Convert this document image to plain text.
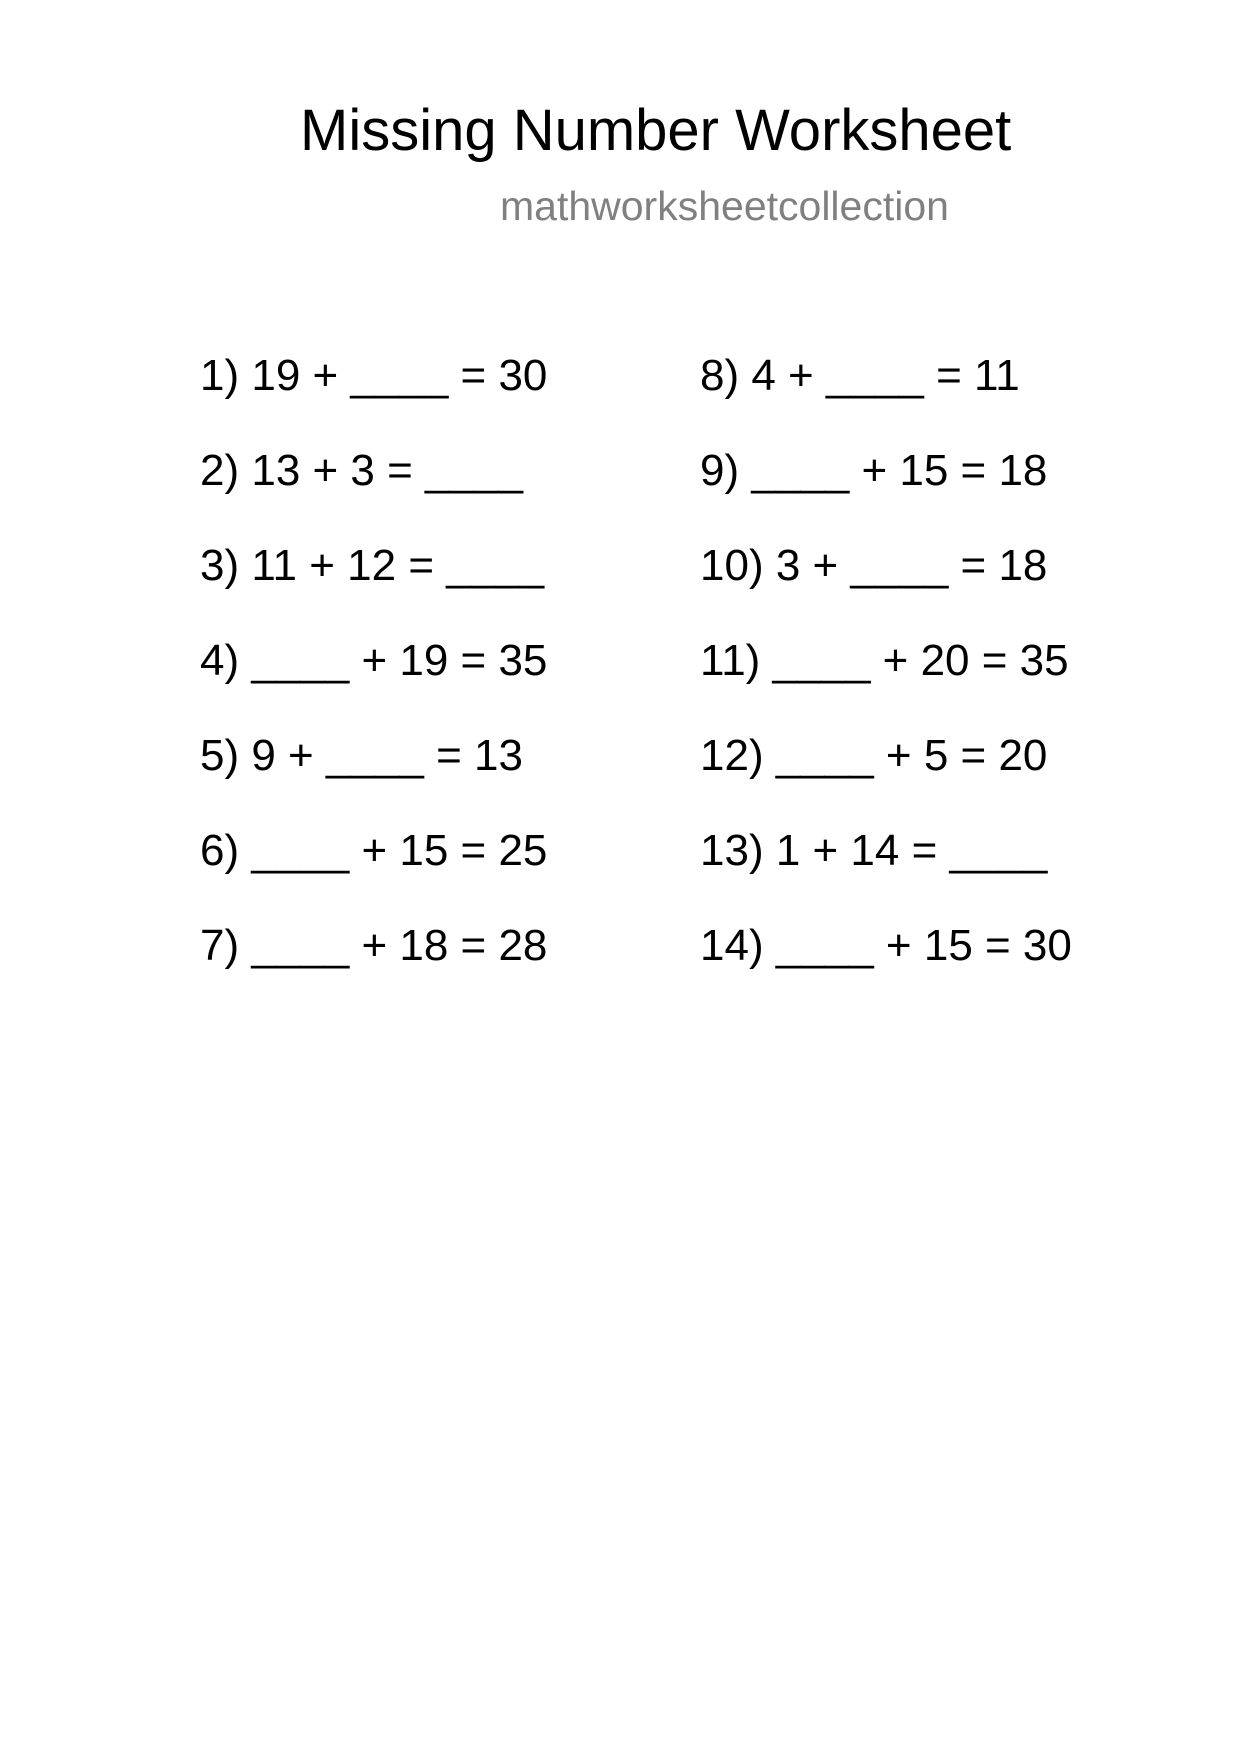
Missing Number Worksheet
mathworksheetcollection
1) 19 + ____ = 30
2) 13 + 3 = ____
3) 11 + 12 = ____
4) ____ + 19 = 35
5) 9 + ____ = 13
6) ____ + 15 = 25
7) ____ + 18 = 28
8) 4 + ____ = 11
9) ____ + 15 = 18
10) 3 + ____ = 18
11) ____ + 20 = 35
12) ____ + 5 = 20
13) 1 + 14 = ____
14) ____ + 15 = 30
